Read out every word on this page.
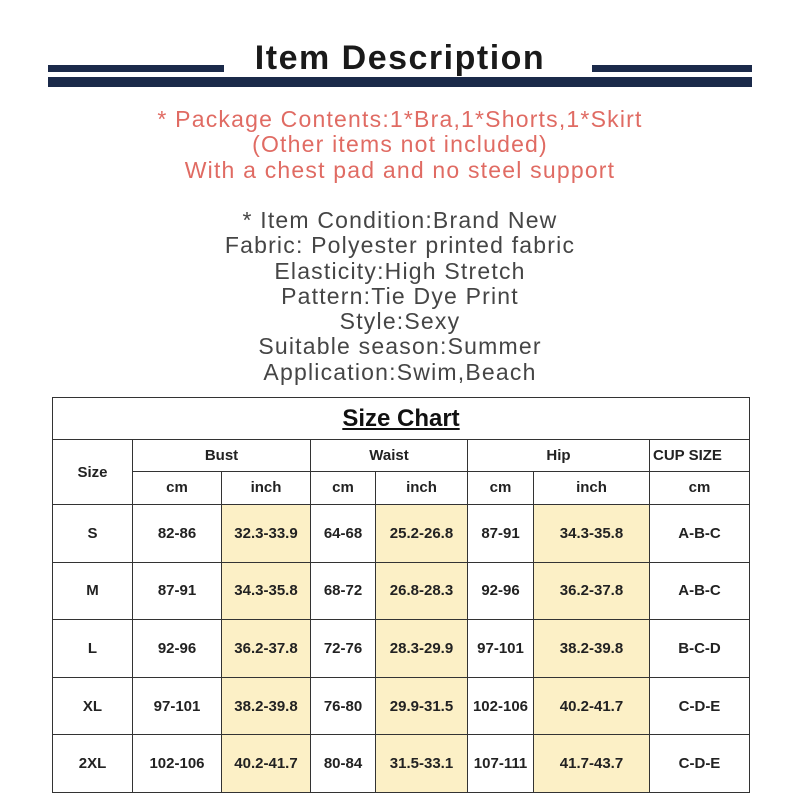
Item Description
* Package Contents:1*Bra,1*Shorts,1*Skirt
(Other items not included)
With a chest pad and no steel support
* Item Condition:Brand New
Fabric: Polyester printed fabric
Elasticity:High Stretch
Pattern:Tie Dye Print
Style:Sexy
Suitable season:Summer
Application:Swim,Beach
Size Chart							
Size	Bust		Waist		Hip		CUP SIZE
	cm	inch	cm	inch	cm	inch	cm
S	82-86	32.3-33.9	64-68	25.2-26.8	87-91	34.3-35.8	A-B-C
M	87-91	34.3-35.8	68-72	26.8-28.3	92-96	36.2-37.8	A-B-C
L	92-96	36.2-37.8	72-76	28.3-29.9	97-101	38.2-39.8	B-C-D
XL	97-101	38.2-39.8	76-80	29.9-31.5	102-106	40.2-41.7	C-D-E
2XL	102-106	40.2-41.7	80-84	31.5-33.1	107-111	41.7-43.7	C-D-E
